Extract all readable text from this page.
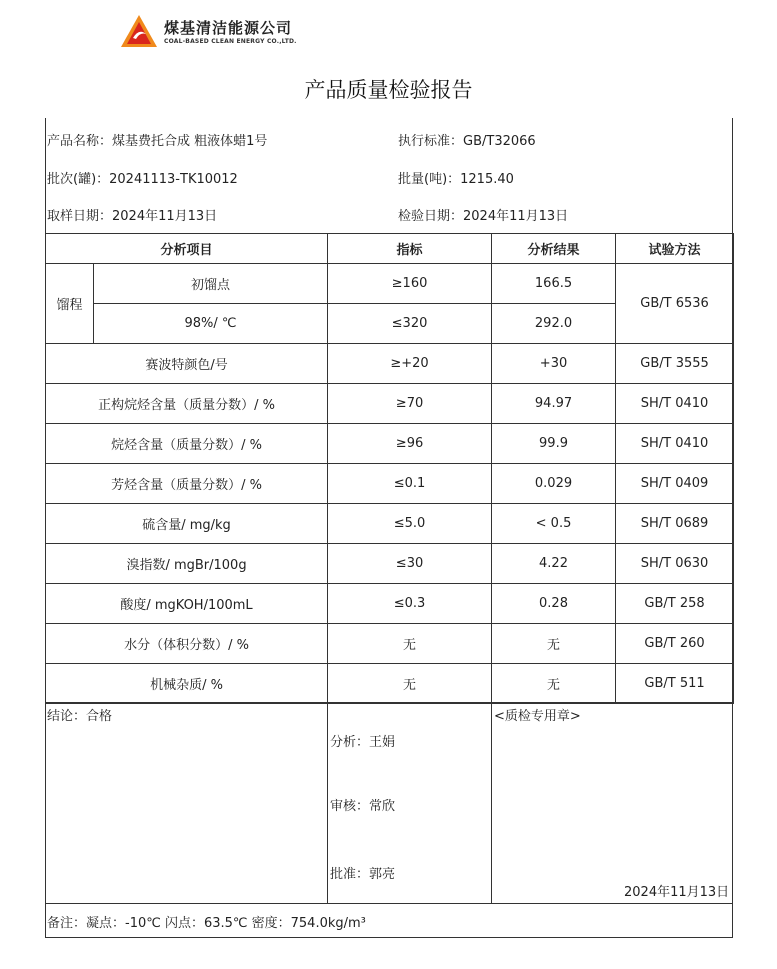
煤基清洁能源公司
COAL-BASED CLEAN ENERGY CO.,LTD.
产品质量检验报告
产品名称：煤基费托合成 粗液体蜡1号	执行标准：GB/T32066
批次(罐)：20241113-TK10012	批量(吨)：1215.40
取样日期：2024年11月13日	检验日期：2024年11月13日
分析项目		指标	分析结果	试验方法
馏程	初馏点	≥160	166.5	GB/T 6536
	98%/ ℃	≤320	292.0	
赛波特颜色/号		≥+20	+30	GB/T 3555
正构烷烃含量（质量分数）/ %		≥70	94.97	SH/T 0410
烷烃含量（质量分数）/ %		≥96	99.9	SH/T 0410
芳烃含量（质量分数）/ %		≤0.1	0.029	SH/T 0409
硫含量/ mg/kg		≤5.0	< 0.5	SH/T 0689
溴指数/ mgBr/100g		≤30	4.22	SH/T 0630
酸度/ mgKOH/100mL		≤0.3	0.28	GB/T 258
水分（体积分数）/ %		无	无	GB/T 260
机械杂质/ %		无	无	GB/T 511
结论：合格
分析：王娟
审核：常欣
批准：郭亮
<质检专用章>
2024年11月13日
备注：凝点：-10℃ 闪点：63.5℃ 密度：754.0kg/m³
